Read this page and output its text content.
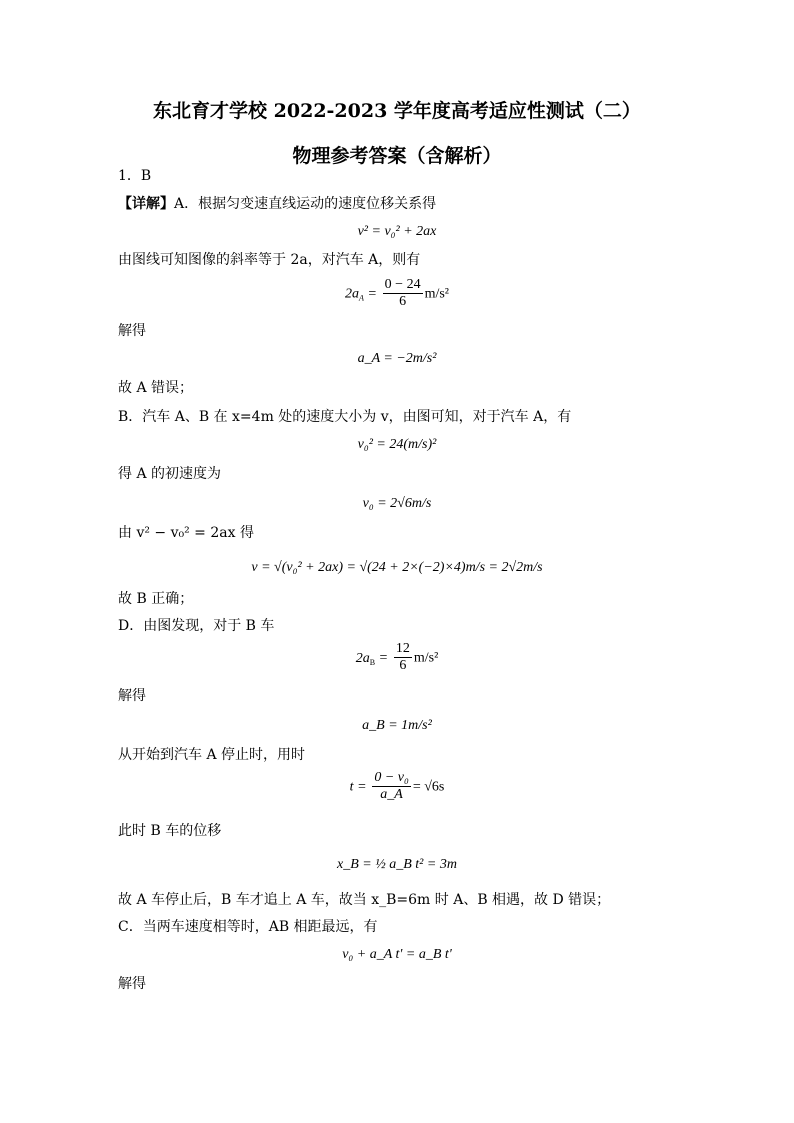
东北育才学校 2022-2023 学年度高考适应性测试（二）
物理参考答案（含解析）
1．B
【详解】A．根据匀变速直线运动的速度位移关系得
v² = v₀² + 2ax
由图线可知图像的斜率等于 2a，对汽车 A，则有
$2a_A = \frac{0 - 24}{6} m/s^2$
解得
a_A = −2m/s²
故 A 错误；
B．汽车 A、B 在 x=4m 处的速度大小为 v，由图可知，对于汽车 A，有
v₀² = 24(m/s)²
得 A 的初速度为
v₀ = 2√6m/s
由 v² − v₀² = 2ax 得
v = √(v₀² + 2ax) = √(24 + 2×(−2)×4)m/s = 2√2m/s
故 B 正确；
D．由图发现，对于 B 车
$2a_B = \frac{12}{6} m/s^2$
解得
a_B = 1m/s²
从开始到汽车 A 停止时，用时
$t = \frac{\text{0 − v₀}}{a\_A} = √6s$
此时 B 车的位移
x_B = ½ a_B t² = 3m
故 A 车停止后，B 车才追上 A 车，故当 x_B=6m 时 A、B 相遇，故 D 错误；
C．当两车速度相等时，AB 相距最远，有
v₀ + a_A t' = a_B t'
解得
